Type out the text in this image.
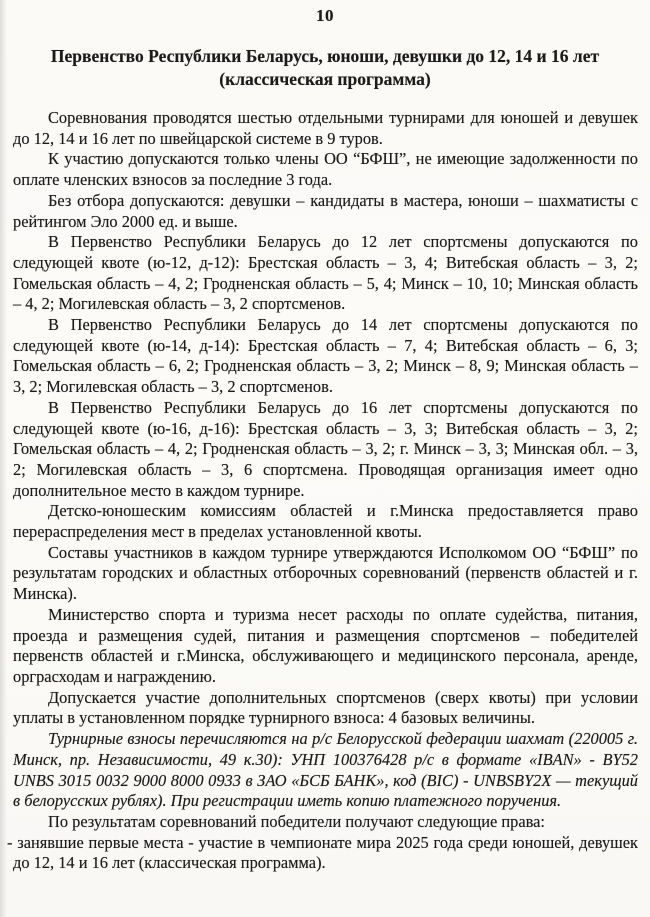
10
Первенство Республики Беларусь, юноши, девушки до 12, 14 и 16 лет
(классическая программа)

Соревнования проводятся шестью отдельными турнирами для юношей и девушек до 12, 14 и 16 лет по швейцарской системе в 9 туров.

К участию допускаются только члены ОО “БФШ”, не имеющие задолженности по оплате членских взносов за последние 3 года.

Без отбора допускаются: девушки – кандидаты в мастера, юноши – шахматисты с рейтингом Эло 2000 ед. и выше.

В Первенство Республики Беларусь до 12 лет спортсмены допускаются по следующей квоте (ю-12, д-12): Брестская область – 3, 4; Витебская область – 3, 2; Гомельская область – 4, 2; Гродненская область – 5, 4; Минск – 10, 10; Минская область – 4, 2; Могилевская область – 3, 2 спортсменов.

В Первенство Республики Беларусь до 14 лет спортсмены допускаются по следующей квоте (ю-14, д-14): Брестская область – 7, 4; Витебская область – 6, 3; Гомельская область – 6, 2; Гродненская область – 3, 2; Минск – 8, 9; Минская область – 3, 2; Могилевская область – 3, 2 спортсменов.

В Первенство Республики Беларусь до 16 лет спортсмены допускаются по следующей квоте (ю-16, д-16): Брестская область – 3, 3; Витебская область – 3, 2; Гомельская область – 4, 2; Гродненская область – 3, 2; г. Минск – 3, 3; Минская обл. – 3, 2; Могилевская область – 3, 6 спортсмена. Проводящая организация имеет одно дополнительное место в каждом турнире.

Детско-юношеским комиссиям областей и г.Минска предоставляется право перераспределения мест в пределах установленной квоты.

Составы участников в каждом турнире утверждаются Исполкомом ОО “БФШ” по результатам городских и областных отборочных соревнований (первенств областей и г. Минска).

Министерство спорта и туризма несет расходы по оплате судейства, питания, проезда и размещения судей, питания и размещения спортсменов – победителей первенств областей и г.Минска, обслуживающего и медицинского персонала, аренде, орграсходам и награждению.

Допускается участие дополнительных спортсменов (сверх квоты) при условии уплаты в установленном порядке турнирного взноса: 4 базовых величины.

Турнирные взносы перечисляются на р/с Белорусской федерации шахмат (220005 г. Минск, пр. Независимости, 49 к.30): УНП 100376428 р/с в формате «IBAN» - BY52 UNBS 3015 0032 9000 8000 0933 в ЗАО «БСБ БАНК», код (BIC) - UNBSBY2X — текущий в белорусских рублях). При регистрации иметь копию платежного поручения.

По результатам соревнований победители получают следующие права:

- занявшие первые места - участие в чемпионате мира 2025 года среди юношей, девушек до 12, 14 и 16 лет (классическая программа).
